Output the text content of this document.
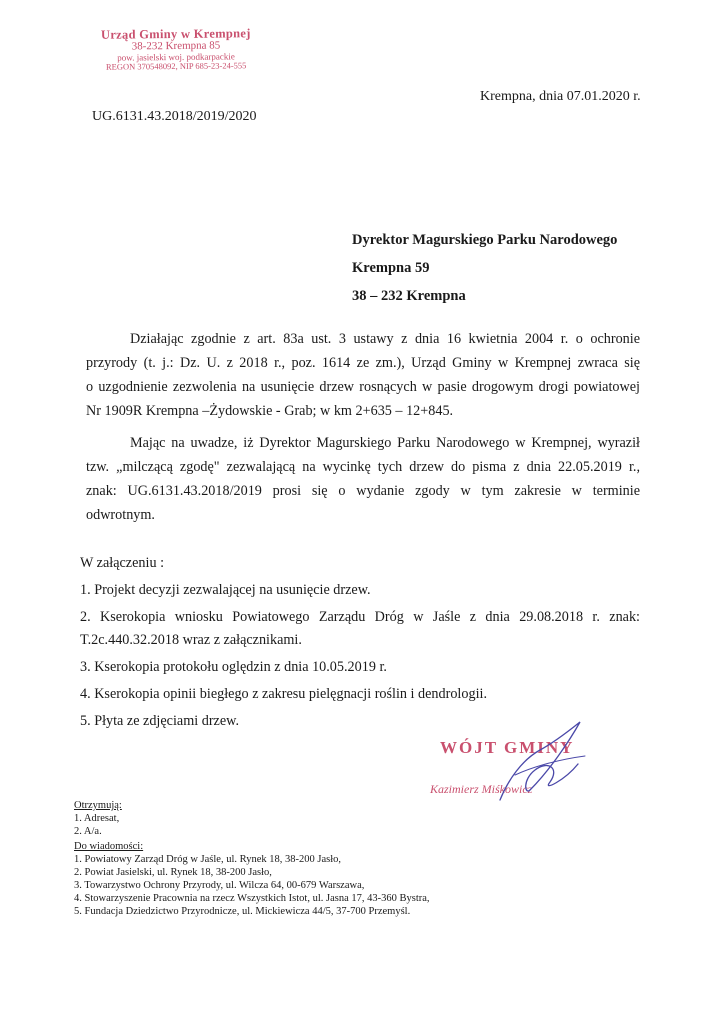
Urząd Gminy w Krempnej
38-232 Krempna 85
pow. jasielski woj. podkarpackie
REGON 370548092, NIP 685-23-24-555
Krempna, dnia 07.01.2020 r.
UG.6131.43.2018/2019/2020
Dyrektor Magurskiego Parku Narodowego
Krempna 59
38 – 232 Krempna
Działając zgodnie z art. 83a ust. 3 ustawy z dnia 16 kwietnia 2004 r. o ochronie
przyrody (t. j.: Dz. U. z 2018 r., poz. 1614 ze zm.), Urząd Gminy w Krempnej zwraca się
o uzgodnienie zezwolenia na usunięcie drzew rosnących w pasie drogowym drogi powiatowej
Nr 1909R Krempna –Żydowskie - Grab; w km 2+635 – 12+845.
Mając na uwadze, iż Dyrektor Magurskiego Parku Narodowego w Krempnej, wyraził
tzw. „milczącą zgodę" zezwalającą na wycinkę tych drzew do pisma z dnia 22.05.2019 r.,
znak: UG.6131.43.2018/2019 prosi się o wydanie zgody w tym zakresie w terminie
odwrotnym.
W załączeniu :
1. Projekt decyzji zezwalającej na usunięcie drzew.
2. Kserokopia wniosku Powiatowego Zarządu Dróg w Jaśle z dnia 29.08.2018 r. znak:
T.2c.440.32.2018 wraz z załącznikami.
3. Kserokopia protokołu oględzin z dnia 10.05.2019 r.
4. Kserokopia opinii biegłego z zakresu pielęgnacji roślin i dendrologii.
5. Płyta ze zdjęciami drzew.
WÓJT GMINY
Kazimierz Miśkowicz
Otrzymują:
1. Adresat,
2. A/a.
Do wiadomości:
1. Powiatowy Zarząd Dróg w Jaśle, ul. Rynek 18, 38-200 Jasło,
2. Powiat Jasielski, ul. Rynek 18, 38-200 Jasło,
3. Towarzystwo Ochrony Przyrody, ul. Wilcza 64, 00-679 Warszawa,
4. Stowarzyszenie Pracownia na rzecz Wszystkich Istot, ul. Jasna 17, 43-360 Bystra,
5. Fundacja Dziedzictwo Przyrodnicze, ul. Mickiewicza 44/5, 37-700 Przemyśl.
